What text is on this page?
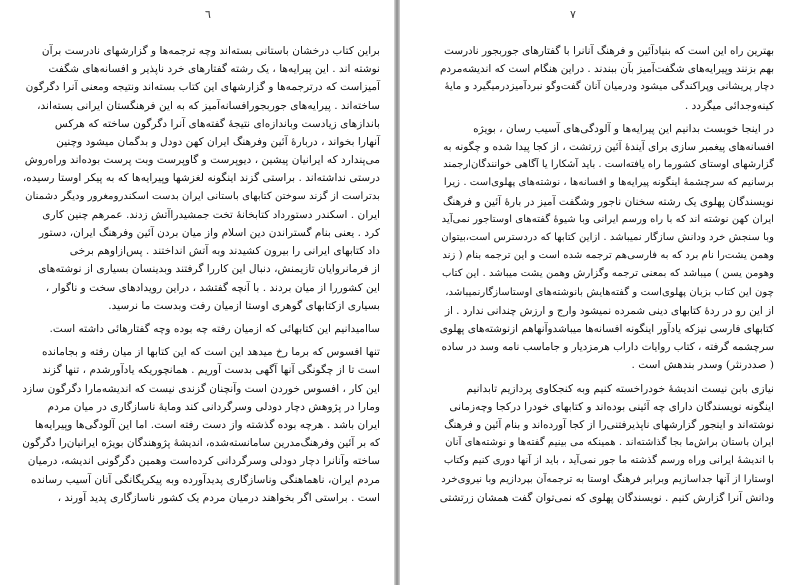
٦
براین کتاب درخشان باستانی بسته‌اند وچه ترجمه‌ها و گزارشهای نادرست برآن
نوشته اند . این پیرایه‌ها ، یک رشته گفتارهای خرد ناپذیر و افسانه‌های شگفت
آمیزاست که درترجمه‌ها و گزارشهای این کتاب بسته‌اند ونتیجه ومعنی آنرا دگرگون
ساخته‌اند . پیرایه‌های جوربجورافسانه‌آمیز که به این فرهنگستان ایرانی بسته‌اند،
باندازهای زیادست وباندازه‌ای نتیجهٔ گفته‌های آنرا دگرگون ساخته که هرکس
آنهارا بخواند ، دربارهٔ آئین وفرهنگ ایران کهن دودل و بدگمان میشود وچنین
می‌پندارد که ایرانیان پیشین ، دیوپرست و گاوپرست وبت پرست بوده‌اند وراه‌روش
درستی نداشته‌اند . براستی گزند اینگونه لغزشها وپیرایه‌ها که به پیکر اوستا رسیده،
بدتراست از گزند سوختن کتابهای باستانی ایران بدست اسکندرومغرور ودیگر دشمنان
ایران . اسکندر دستورداد کتابخانهٔ تخت جمشیدراآتش زدند. عمرهم چنین کاری
کرد . یعنی بنام گستراندن دین اسلام واز میان بردن آئین وفرهنگ ایران، دستور
داد کتابهای ایرانی را بیرون کشیدند وبه آتش انداختند . پس‌ازاوهم برخی
از فرمانروایان تازیمنش، دنبال این کاررا گرفتند وبدینسان بسیاری از نوشته‌های
این کشوررا از میان بردند . با آنچه گفتشد ، دراین رویدادهای سخت و ناگوار ،
بسیاری ازکتابهای گوهری اوستا ازمیان رفت وبدست ما نرسید.
ساامیدانیم این کتابهائی که ازمیان رفته چه بوده وچه گفتارهائی داشته است.
تنها افسوس که برما رخ میدهد این است که این کتابها از میان رفته و بجامانده
است تا از چگونگی آنها آگهی بدست آوریم . همانچوریکه یادآورشدم ، تنها گزند
این کار ، افسوس خوردن است وآنچنان گزندی نیست که اندیشه‌مارا دگرگون سازد
ومارا در پژوهش دچار دودلی وسرگردانی کند ومایهٔ ناسازگاری در میان مردم
ایران باشد . هرچه بوده گذشته واز دست رفته است. اما این آلودگی‌ها وپیرایه‌ها
که بر آئین وفرهنگ‌مدرین سامانسته‌شده، اندیشهٔ پژوهندگان بویژه‌ ایرانیان‌را دگرگون
ساخته وآنانرا دچار دودلی وسرگردانی کرده‌است وهمین دگرگونی اندیشه، درمیان
مردم ایران، ناهماهنگی وناسازگاری پدیدآورده وبه پیکریگانگی آنان آسیب رسانده
است . براستی اگر بخواهند درمیان مردم یک کشور ناسازگاری پدید آورند ،
٧
بهترین راه این است که بنیادآئین و فرهنگ آنانرا با گفتارهای جوربجور نادرست
بهم بزنند وپیرایه‌های شگفت‌آمیز بآن ببندند . دراین هنگام است که اندیشه‌مردم
دچار پریشانی وپراکندگی میشود ودرمیان آنان گفت‌وگو نبردآمیزدرمیگیرد و مایهٔ
کینه‌وجدائی میگردد .
در اینجا خوبست بدانیم این پیرایه‌ها و آلودگی‌های آسیب رسان ، بویژه
افسانه‌های پیغمبر سازی برای آیندهٔ آئین زرتشت ، از کجا پیدا شده و چگونه به
گزارشهای اوستای کشورما راه یافته‌است . باید آشکارا یا آگاهی خوانندگان‌ارجمند
برسانیم که سرچشمهٔ اینگونه پیرایه‌ها و افسانه‌ها ، نوشته‌های پهلوی‌است . زیرا
نویسندگان پهلوی یک رشته سخنان ناجور وشگفت آمیز در بارهٔ آئین و فرهنگ
ایران کهن نوشته اند که با راه ورسم ایرانی وبا شیوهٔ گفته‌های اوستاجور نمی‌آید
وبا سنجش خرد ودانش سازگار نمیباشد . ازاین کتابها که دردسترس است،بیتوان
وهمن یشت‌را نام برد که به فارسی‌هم ترجمه شده است و این ترجمه بنام ( زند
وهومن یسن ) میباشد که بمعنی ترجمه وگزارش وهمن یشت‌ میباشد . این کتاب
چون این کتاب بزبان پهلوی‌است و گفته‌هایش بانوشته‌های اوستاسازگارنمیباشد،
از این رو در ردهٔ کتابهای دینی شمرده نمیشود وارج و ارزش چندانی ندارد . از
کتابهای فارسی نیزکه یادآور اینگونه افسانه‌ها میباشدوآنهاهم ازنوشته‌های پهلوی
سرچشمه گرفته ، کتاب روایات داراب هرمزدیار و جاماسب نامه وسد در ساده
( صددرنثر) وسدر بندهش است .
نیازی بابن نیست اندیشهٔ خودراخسته کنیم وبه کنجکاوی پردازیم تابدانیم
اینگونه نویسندگان دارای چه آئینی بوده‌اند و کتابهای خودرا درکجا وچه‌زمانی
نوشته‌اند و اینجور گزارشهای ناپذیرفتنی‌را از کجا آورده‌اند و بنام آئین و فرهنگ
ایران باستان براش‌ما بجا گذاشته‌اند . همینکه می بینیم گفته‌ها و نوشته‌های آنان
با اندیشهٔ ایرانی وراه ورسم گذشته ما جور نمی‌آید ، باید از آنها دوری کنیم وکتاب
اوستارا از آنها جداسازیم وبرابر فرهنگ اوستا به ترجمه‌آن بپردازیم وبا نیروی‌خرد
ودانش آنرا گزارش کنیم . نویسندگان پهلوی که نمی‌توان گفت همشان زرتشتی
